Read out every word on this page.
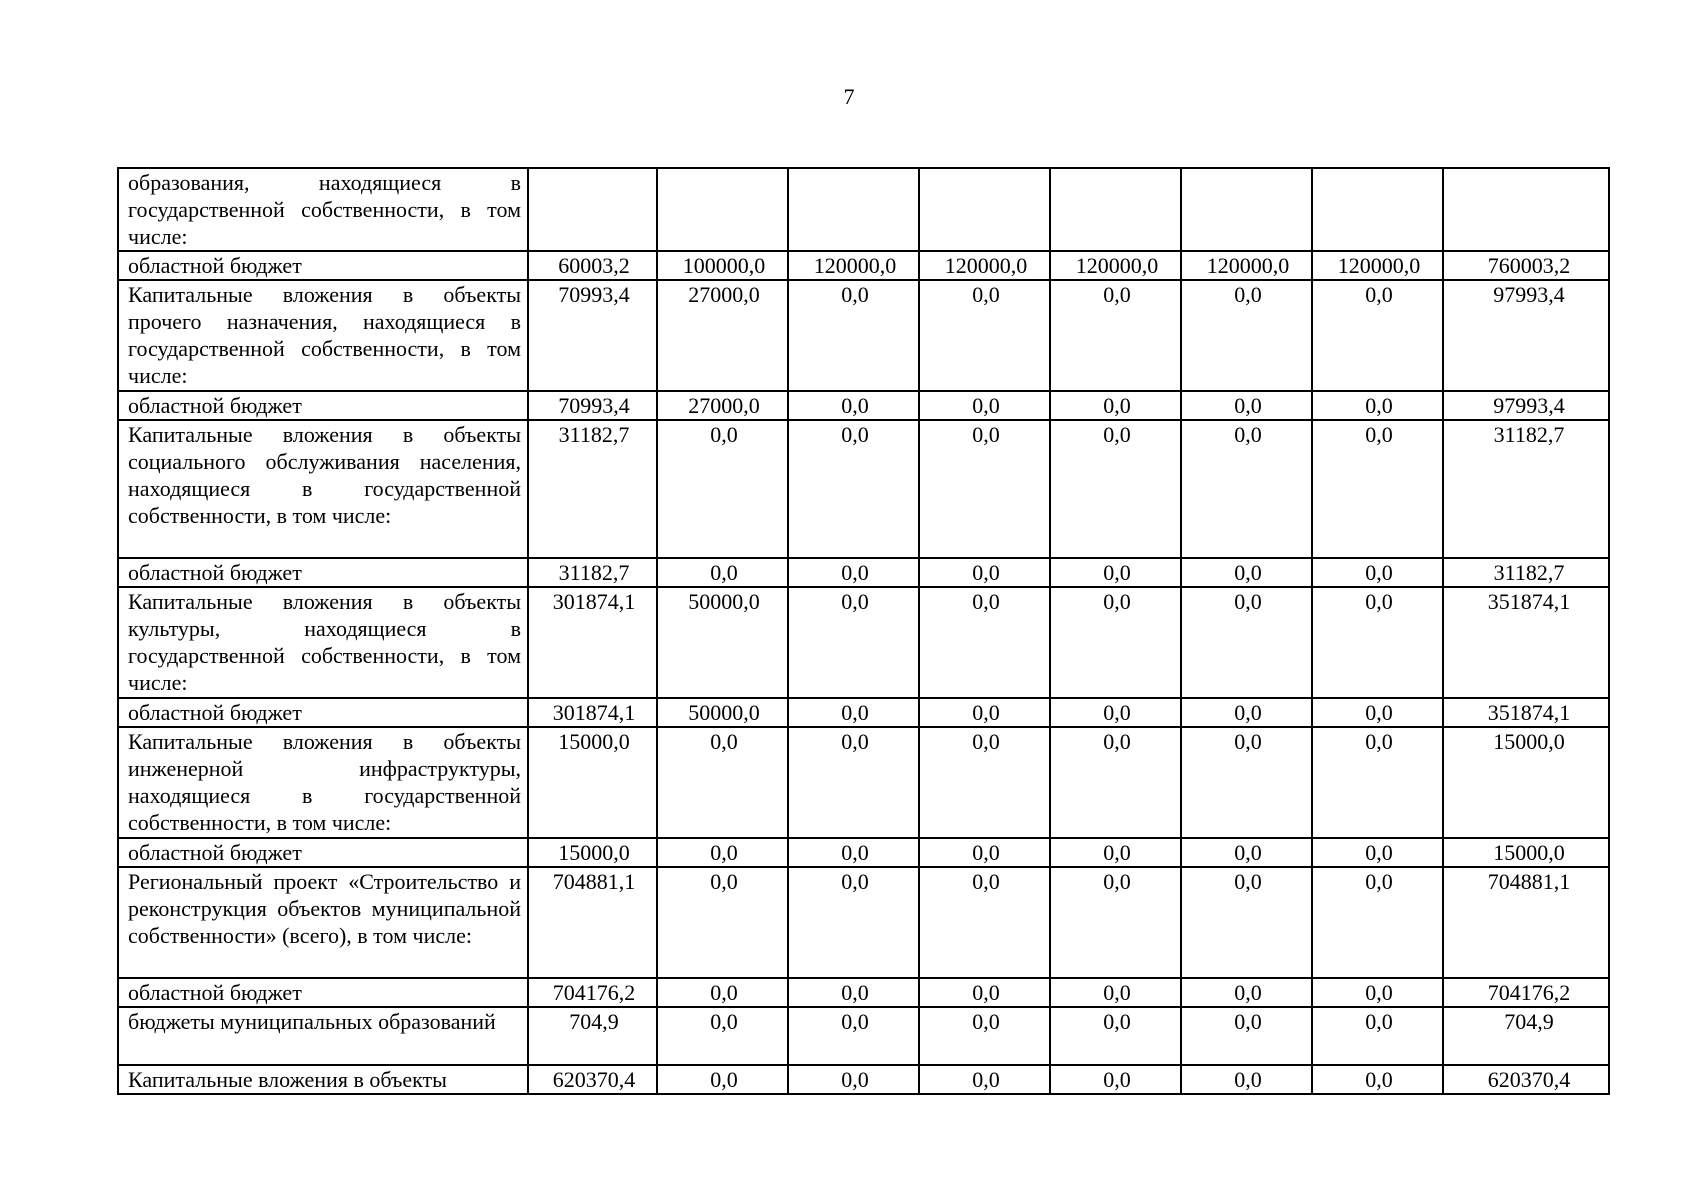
7
образования, находящиеся в государственной собственности, в том числе:								
областной бюджет	60003,2	100000,0	120000,0	120000,0	120000,0	120000,0	120000,0	760003,2
Капитальные вложения в объекты прочего назначения, находящиеся в государственной собственности, в том числе:	70993,4	27000,0	0,0	0,0	0,0	0,0	0,0	97993,4
областной бюджет	70993,4	27000,0	0,0	0,0	0,0	0,0	0,0	97993,4
Капитальные вложения в объекты социального обслуживания населения, находящиеся в государственной собственности, в том числе:	31182,7	0,0	0,0	0,0	0,0	0,0	0,0	31182,7
областной бюджет	31182,7	0,0	0,0	0,0	0,0	0,0	0,0	31182,7
Капитальные вложения в объекты культуры, находящиеся в государственной собственности, в том числе:	301874,1	50000,0	0,0	0,0	0,0	0,0	0,0	351874,1
областной бюджет	301874,1	50000,0	0,0	0,0	0,0	0,0	0,0	351874,1
Капитальные вложения в объекты инженерной инфраструктуры, находящиеся в государственной собственности, в том числе:	15000,0	0,0	0,0	0,0	0,0	0,0	0,0	15000,0
областной бюджет	15000,0	0,0	0,0	0,0	0,0	0,0	0,0	15000,0
Региональный проект «Строительство и реконструкция объектов муниципальной собственности» (всего), в том числе:	704881,1	0,0	0,0	0,0	0,0	0,0	0,0	704881,1
областной бюджет	704176,2	0,0	0,0	0,0	0,0	0,0	0,0	704176,2
бюджеты муниципальных образований	704,9	0,0	0,0	0,0	0,0	0,0	0,0	704,9
Капитальные вложения в объекты	620370,4	0,0	0,0	0,0	0,0	0,0	0,0	620370,4
